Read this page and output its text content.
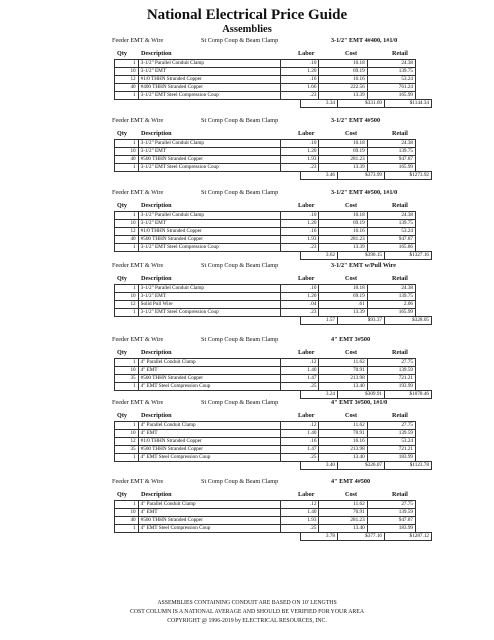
National Electrical Price Guide
Assemblies
Feeder EMT & Wire	St Comp Coup & Beam Clamp	3-1/2" EMT 4#400, 1#1/0
Qty Description	Labor	Cost	Retail
1	3-1/2" Parallel Conduit Clamp	.10	10.18	24.38
10	3-1/2" EMT	1.20	69.19	139.75
12	#1/0 THHN Stranded Copper	.16	16.16	53.24
40	#400 THHN Stranded Copper	1.66	222.56	761.24
1	3-1/2" EMT Steel Compression Coup	.23	13.39	165.99
3.34	$331.69	$1144.34
Feeder EMT & Wire	St Comp Coup & Beam Clamp	3-1/2" EMT 4#500
Qty Description	Labor	Cost	Retail
1	3-1/2" Parallel Conduit Clamp	.10	10.18	24.38
10	3-1/2" EMT	1.20	69.19	139.75
40	#500 THHN Stranded Copper	1.93	281.23	947.87
1	3-1/2" EMT Steel Compression Coup	.23	13.39	165.99
3.46	$373.99	$1273.92
Feeder EMT & Wire	St Comp Coup & Beam Clamp	3-1/2" EMT 4#500, 1#1/0
Qty Description	Labor	Cost	Retail
1	3-1/2" Parallel Conduit Clamp	.10	10.18	24.38
10	3-1/2" EMT	1.20	69.19	139.75
12	#1/0 THHN Stranded Copper	.16	16.16	53.24
40	#500 THHN Stranded Copper	1.93	281.23	947.87
1	3-1/2" EMT Steel Compression Coup	.23	13.39	165.86
3.62	$390.15	$1327.16
Feeder EMT & Wire	St Comp Coup & Beam Clamp	3-1/2" EMT w/Pull Wire
Qty Description	Labor	Cost	Retail
1	3-1/2" Parallel Conduit Clamp	.10	10.18	24.38
10	3-1/2" EMT	1.20	69.19	139.75
12	Solid Pull Wire	.04	.61	2.06
1	3-1/2" EMT Steel Compression Coup	.23	13.39	165.99
1.57	$93.37	$328.05
Feeder EMT & Wire	St Comp Coup & Beam Clamp	4" EMT 3#500
Qty Description	Labor	Cost	Retail
1	4" Parallel Conduit Clamp	.12	11.62	27.75
10	4" EMT	1.40	70.91	139.59
35	#500 THHN Stranded Copper	1.47	213.98	721.21
1	4" EMT Steel Compression Coup	.25	13.40	193.99
3.24	$309.91	$1078.46
Feeder EMT & Wire	St Comp Coup & Beam Clamp	4" EMT 3#500, 1#1/0
Qty Description	Labor	Cost	Retail
1	4" Parallel Conduit Clamp	.12	11.62	27.75
10	4" EMT	1.40	70.91	139.59
12	#1/0 THHN Stranded Copper	.16	16.16	53.24
35	#500 THHN Stranded Copper	1.47	213.98	721.21
1	4" EMT Steel Compression Coup	.25	13.40	183.99
3.40	$326.07	$1123.78
Feeder EMT & Wire	St Comp Coup & Beam Clamp	4" EMT 4#500
Qty Description	Labor	Cost	Retail
1	4" Parallel Conduit Clamp	.12	11.62	27.75
10	4" EMT	1.40	70.91	139.59
40	#500 THHN Stranded Copper	1.93	281.23	947.87
1	4" EMT Steel Compression Coup	.25	13.40	183.99
3.78	$377.16	$1287.12
ASSEMBLIES CONTAINING CONDUIT ARE BASED ON 10' LENGTHS
COST COLUMN IS A NATIONAL AVERAGE AND SHOULD BE VERIFIED FOR YOUR AREA
COPYRIGHT @ 1996-2019 by ELECTRICAL RESOURCES, INC.
